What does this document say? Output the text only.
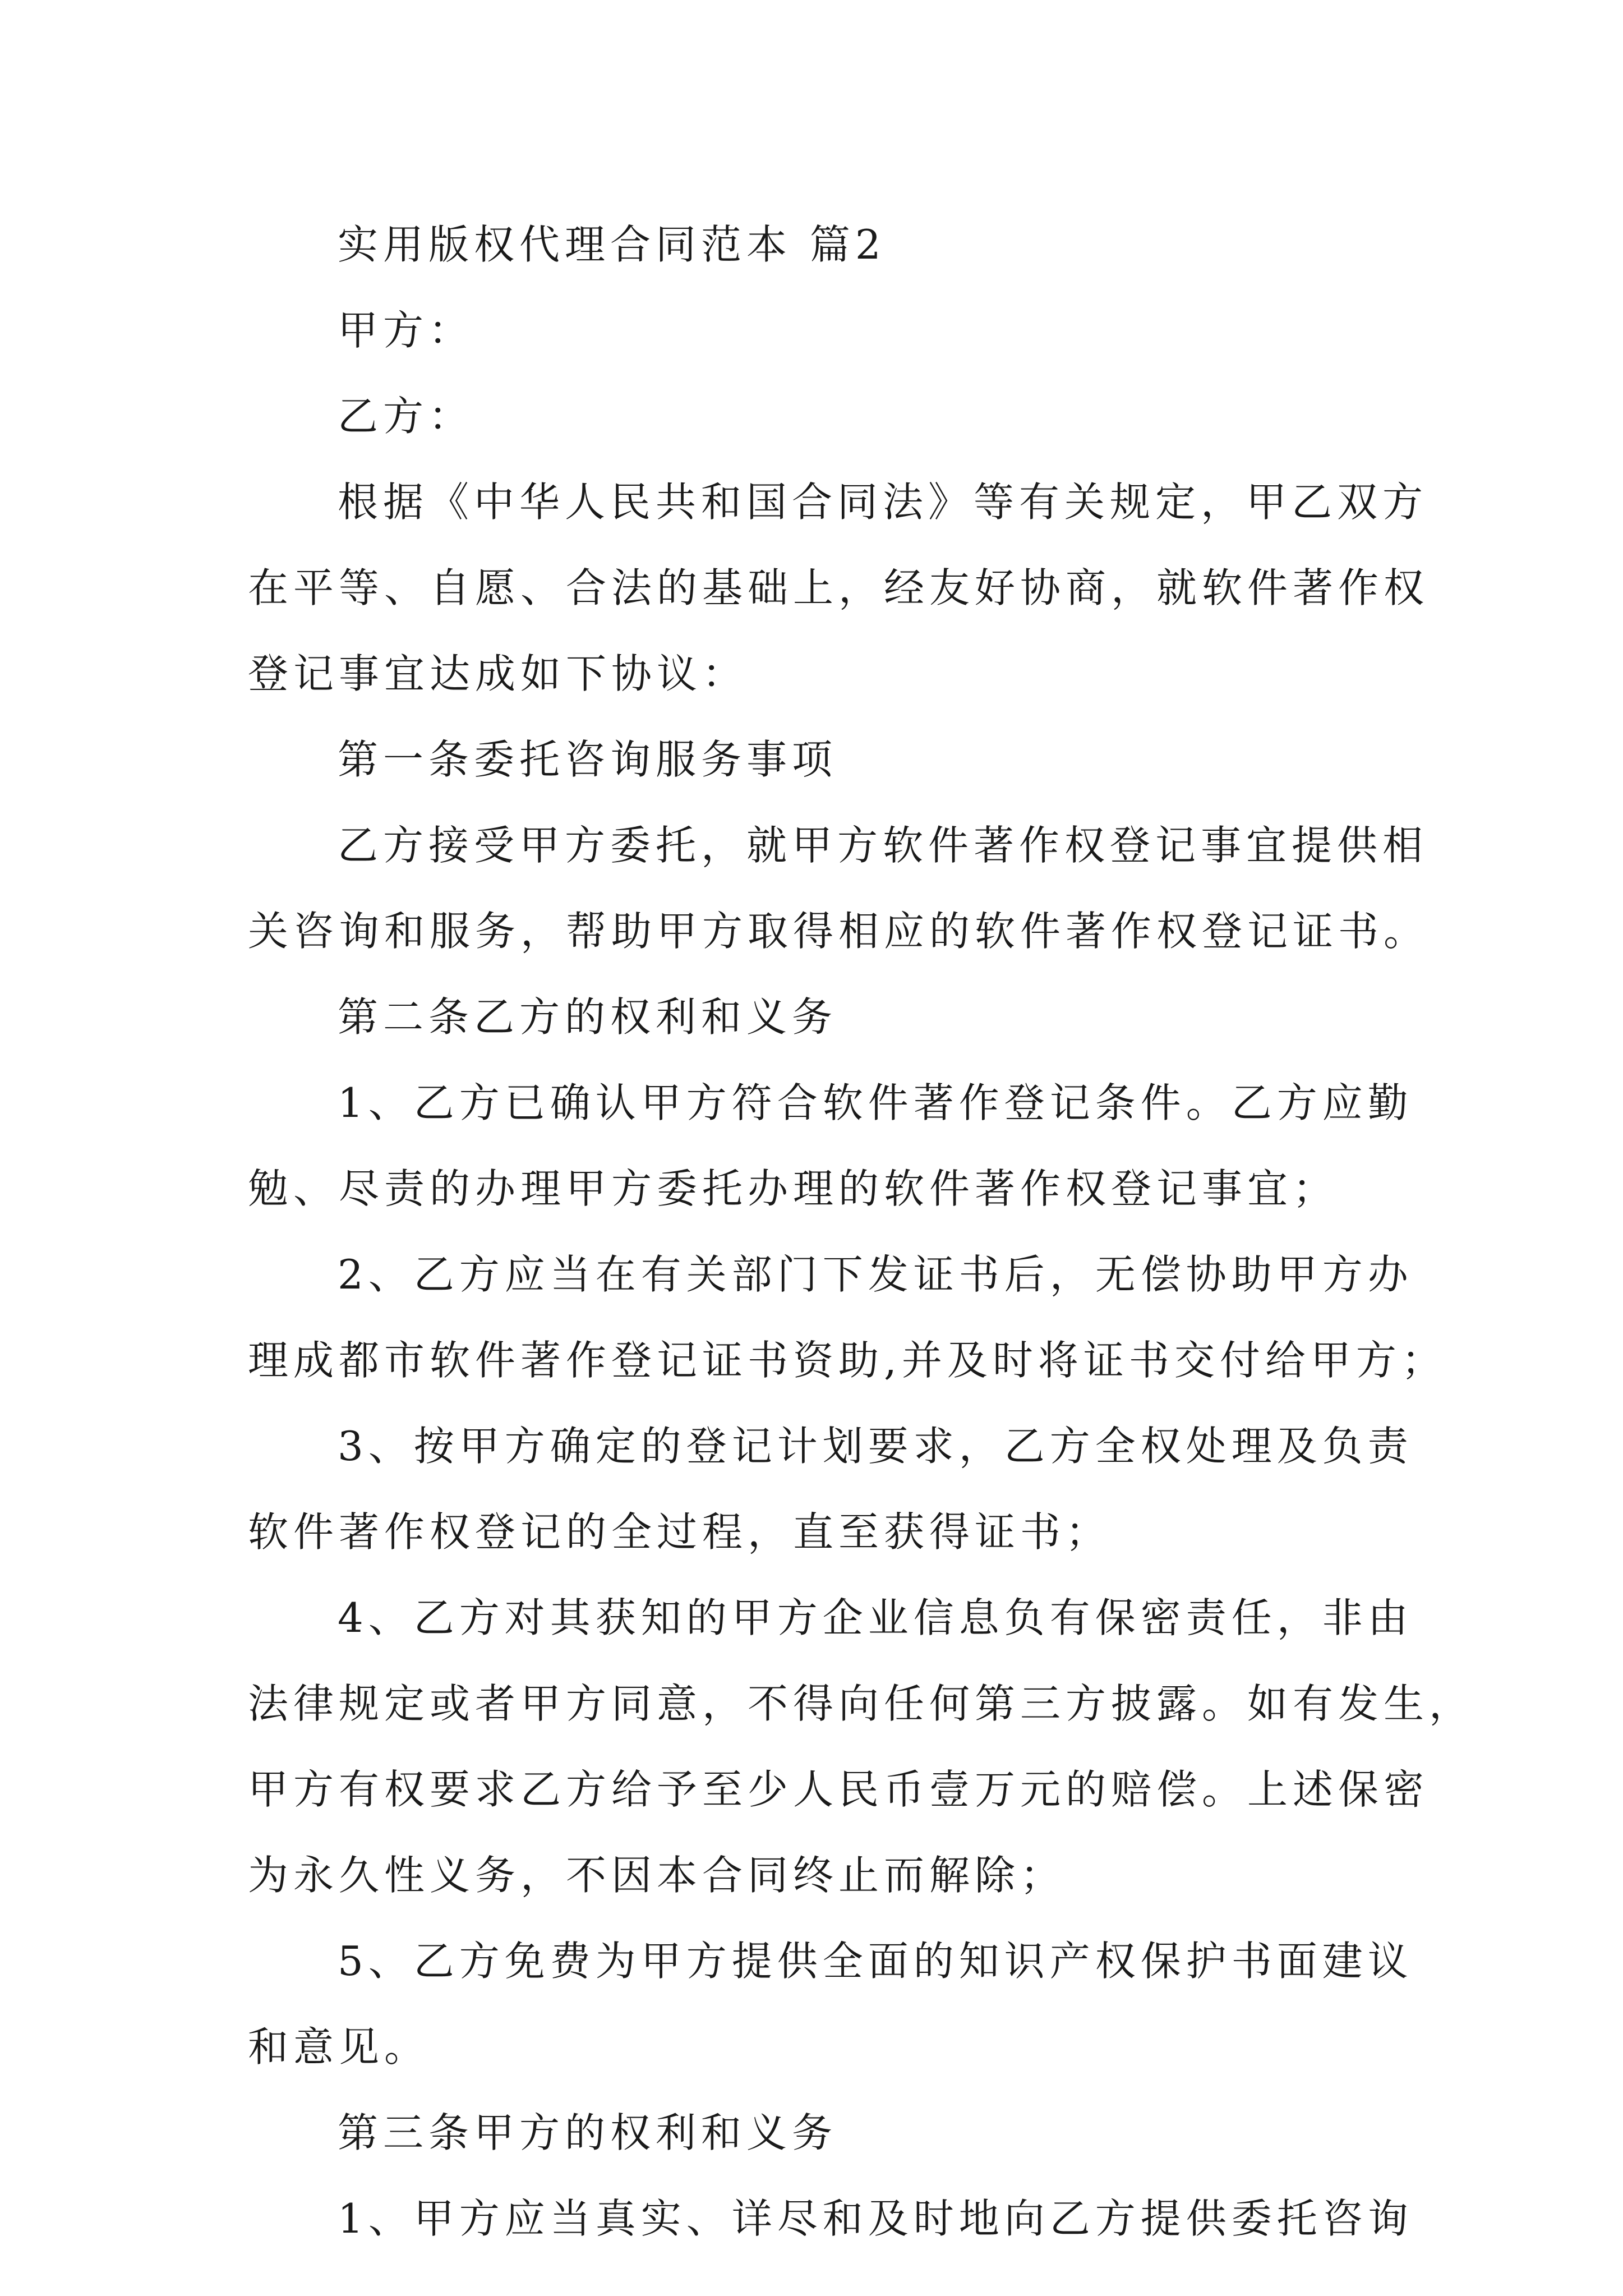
实用版权代理合同范本 篇2

甲方：

乙方：

根据《中华人民共和国合同法》等有关规定，甲乙双方

在平等、自愿、合法的基础上，经友好协商，就软件著作权

登记事宜达成如下协议：

第一条委托咨询服务事项

乙方接受甲方委托，就甲方软件著作权登记事宜提供相

关咨询和服务，帮助甲方取得相应的软件著作权登记证书。

第二条乙方的权利和义务

1、乙方已确认甲方符合软件著作登记条件。乙方应勤

勉、尽责的办理甲方委托办理的软件著作权登记事宜；

2、乙方应当在有关部门下发证书后，无偿协助甲方办

理成都市软件著作登记证书资助,并及时将证书交付给甲方；

3、按甲方确定的登记计划要求，乙方全权处理及负责

软件著作权登记的全过程，直至获得证书；

4、乙方对其获知的甲方企业信息负有保密责任，非由

法律规定或者甲方同意，不得向任何第三方披露。如有发生，

甲方有权要求乙方给予至少人民币壹万元的赔偿。上述保密

为永久性义务，不因本合同终止而解除；

5、乙方免费为甲方提供全面的知识产权保护书面建议

和意见。

第三条甲方的权利和义务

1、甲方应当真实、详尽和及时地向乙方提供委托咨询
